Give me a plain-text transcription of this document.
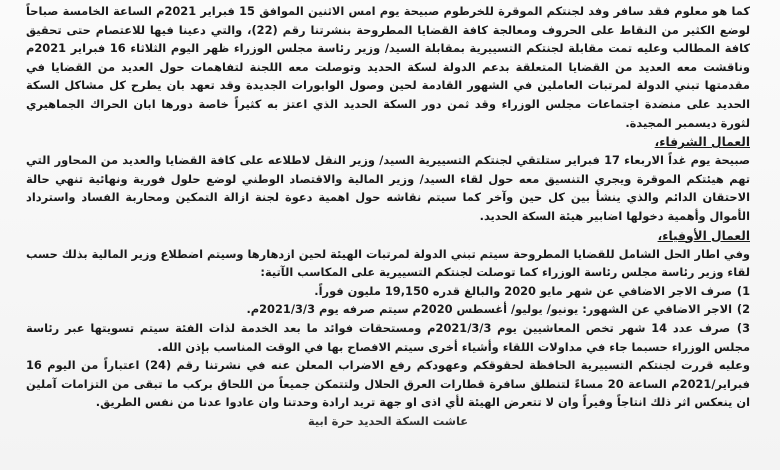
كما هو معلوم فقد سافر وفد لجنتكم الموقرة للخرطوم صبيحة يوم امس الاثنين الموافق 15 فبراير 2021م الساعة الخامسة صباحاً لوضع الكثير من النقاط على الحروف ومعالجة كافة القضايا المطروحة بنشرتنا رقم (22)، والتي دعينا فيها للاعتصام حتى تحقيق كافة المطالب وعليه تمت مقابلة لجنتكم التسييرية بمقابلة السيد/ وزير رئاسة مجلس الوزراء ظهر اليوم الثلاثاء 16 فبراير 2021م وناقشت معه العديد من القضايا المتعلقة بدعم الدولة لسكة الحديد وتوصلت معه اللجنة لتفاهمات حول العديد من القضايا في مقدمتها تبني الدولة لمرتبات العاملين في الشهور القادمة لحين وصول الوابورات الجديدة وقد تعهد بان يطرح كل مشاكل السكة الحديد على منضدة اجتماعات مجلس الوزراء وقد ثمن دور السكة الحديد الذي اعتز به كثيراً خاصة دورها ابان الحراك الجماهيري لثورة ديسمبر المجيدة.

العمال الشرفاء،

صبيحة يوم غداً الاربعاء 17 فبراير ستلتقي لجنتكم التسييرية السيد/ وزير النقل لاطلاعه على كافة القضايا والعديد من المحاور التي تهم هيئتكم الموقرة ويجري التنسيق معه حول لقاء السيد/ وزير المالية والاقتصاد الوطني لوضع حلول فورية ونهائية تنهي حالة الاحتقان الدائم والذي ينشأ بين كل حين وآخر كما سيتم نقاشه حول اهمية دعوة لجنة ازالة التمكين ومحاربة الفساد واسترداد الأموال وأهمية دخولها اضابير هيئة السكة الحديد.

العمال الأوفياء،

وفي اطار الحل الشامل للقضايا المطروحة سيتم تبني الدولة لمرتبات الهيئة لحين ازدهارها وسيتم اضطلاع وزير المالية بذلك حسب لقاء وزير رئاسة مجلس رئاسة الوزراء كما توصلت لجنتكم التسييرية على المكاسب الآتية:

1) صرف الاجر الاضافي عن شهر مايو 2020 والبالغ قدره 19,150 مليون فوراً.
2) الاجر الاضافي عن الشهور: يونيو/ يوليو/ أغسطس 2020م سيتم صرفه يوم 2021/3/3م.
3) صرف عدد 14 شهر تخص المعاشيين يوم 2021/3/3م ومستحقات فوائد ما بعد الخدمة لذات الفئة سيتم تسويتها عبر رئاسة مجلس الوزراء حسبما جاء في مداولات اللقاء وأشياء أخرى سيتم الافصاح بها في الوقت المناسب بإذن الله.

وعليه قررت لجنتكم التسييرية الحافظة لحقوقكم وعهودكم رفع الاضراب المعلن عنه في نشرتنا رقم (24) اعتباراً من اليوم 16 فبراير/2021م الساعة 20 مساءً لتنطلق سافرة قطارات العرق الحلال ولتتمكن جميعاً من اللحاق بركب ما تبقى من التزامات آملين ان ينعكس اثر ذلك انتاجاً وفيراً وان لا تتعرض الهيئة لأي اذى او جهة تريد ارادة وحدتنا وان عادوا عدنا من نفس الطريق.

عاشت السكة الحديد حرة ابية
